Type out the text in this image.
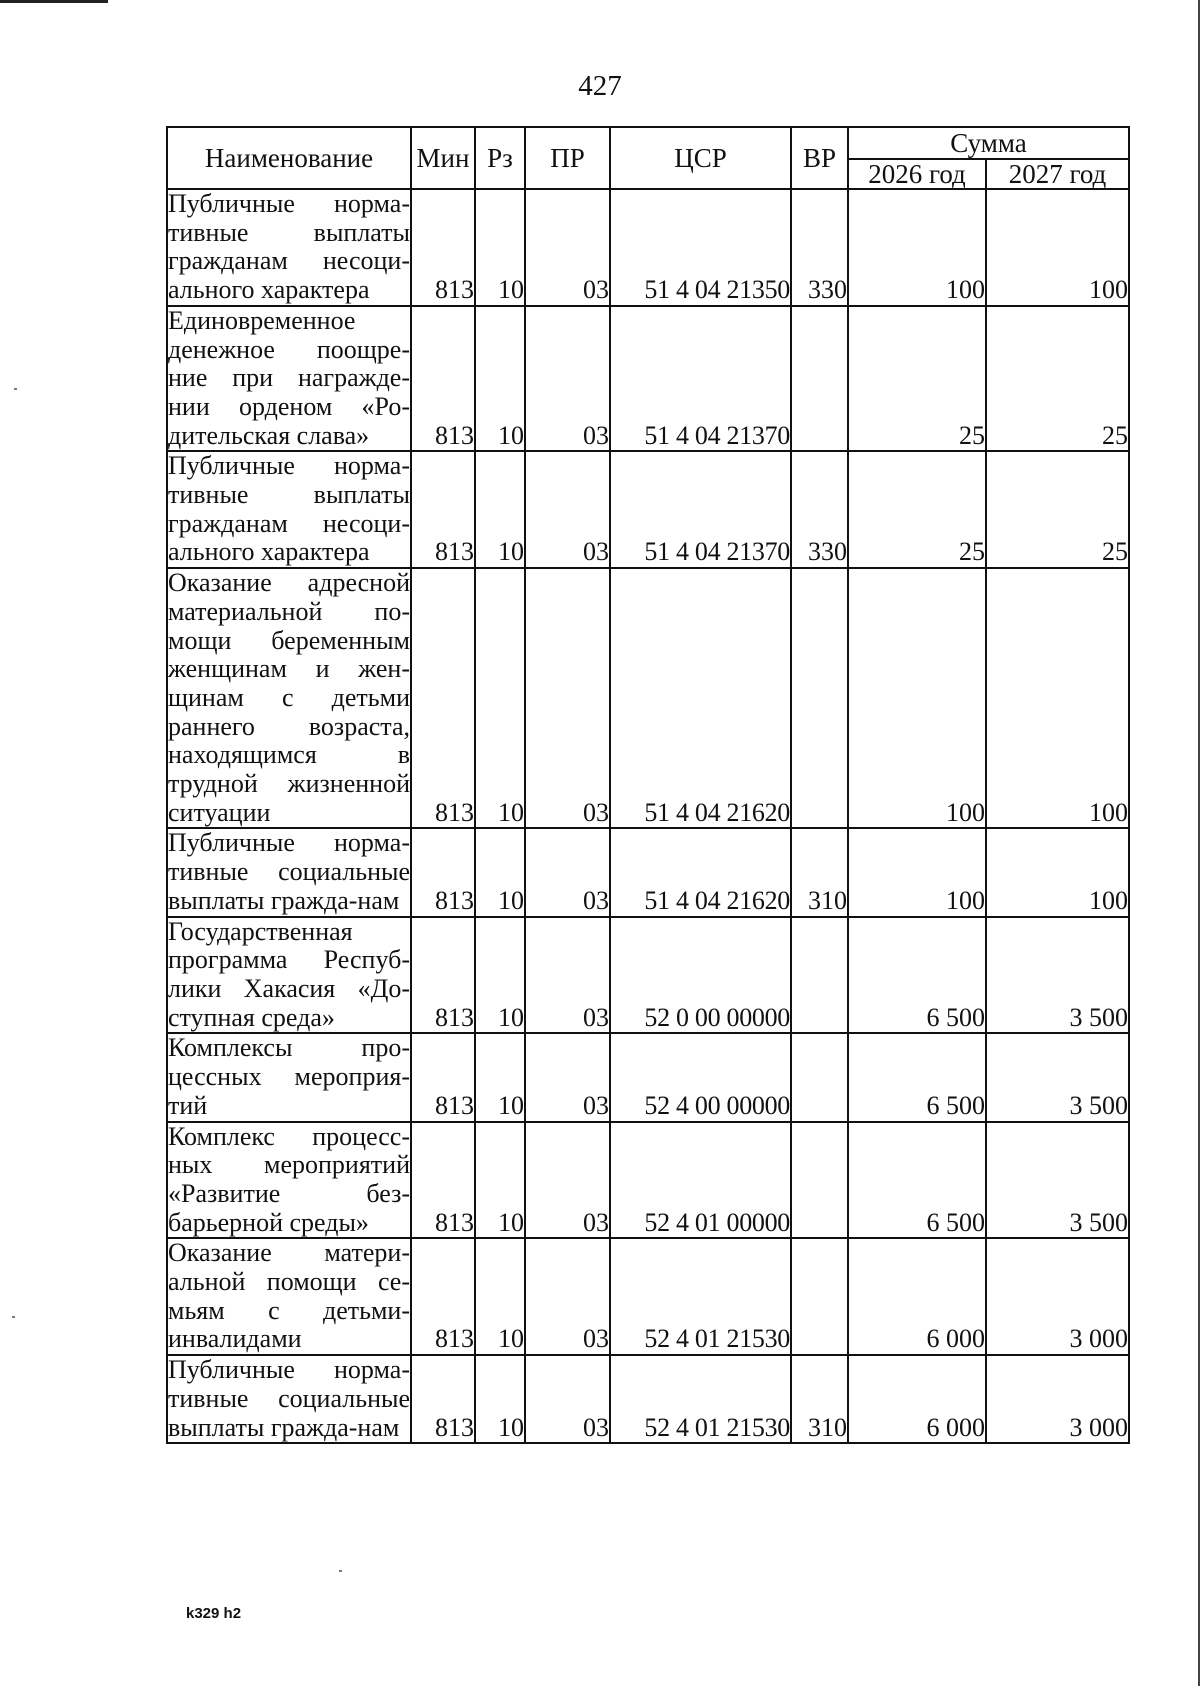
427
Наименование	Мин	Рз	ПР	ЦСР	ВР	Сумма	
						2026 год	2027 год
Публичные норма-тивные выплаты гражданам несоци-ального характера	813	10	03	51 4 04 21350	330	100	100
Единовременное денежное поощре-ние при награжде-нии орденом «Ро-дительская слава»	813	10	03	51 4 04 21370		25	25
Публичные норма-тивные выплаты гражданам несоци-ального характера	813	10	03	51 4 04 21370	330	25	25
Оказание адресной материальной по-мощи беременным женщинам и жен-щинам с детьми раннего возраста, находящимся в трудной жизненной ситуации	813	10	03	51 4 04 21620		100	100
Публичные норма-тивные социальные выплаты гражда-нам	813	10	03	51 4 04 21620	310	100	100
Государственная программа Респуб-лики Хакасия «До-ступная среда»	813	10	03	52 0 00 00000		6 500	3 500
Комплексы про-цессных мероприя-тий	813	10	03	52 4 00 00000		6 500	3 500
Комплекс процесс-ных мероприятий «Развитие без-барьерной среды»	813	10	03	52 4 01 00000		6 500	3 500
Оказание матери-альной помощи се-мьям с детьми-инвалидами	813	10	03	52 4 01 21530		6 000	3 000
Публичные норма-тивные социальные выплаты гражда-нам	813	10	03	52 4 01 21530	310	6 000	3 000
k329 h2
